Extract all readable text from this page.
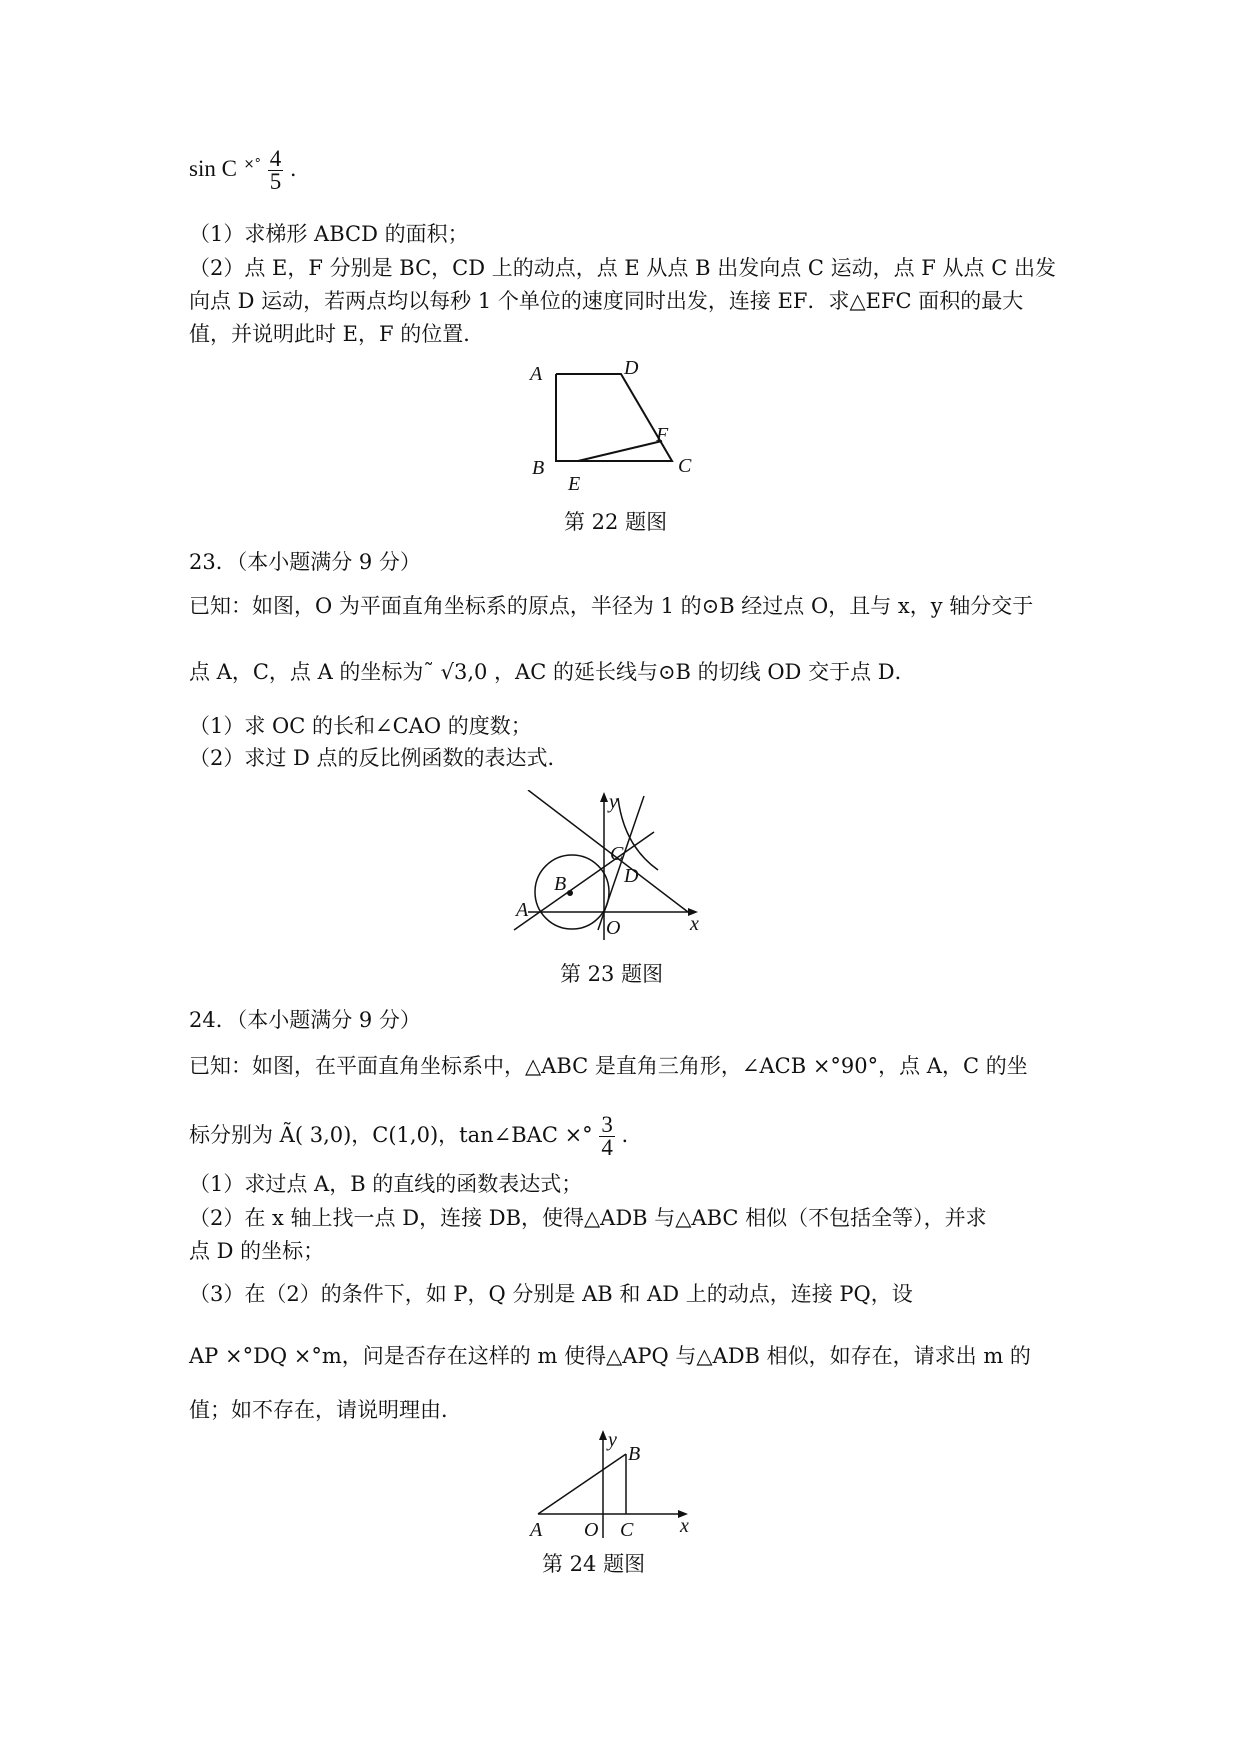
sin C $^{\times^\circ} \frac{4}{5}$ .
（1）求梯形 ABCD 的面积；
（2）点 E，F 分别是 BC，CD 上的动点，点 E 从点 B 出发向点 C 运动，点 F 从点 C 出发
向点 D 运动，若两点均以每秒 1 个单位的速度同时出发，连接 EF．求△EFC 面积的最大
值，并说明此时 E，F 的位置．
A	D
F
B	C
E
第 22 题图
23．（本小题满分 9 分）
已知：如图，O 为平面直角坐标系的原点，半径为 1 的⊙B 经过点 O，且与 x，y 轴分交于
点 A，C，点 A 的坐标为˜ √3,0 ，AC 的延长线与⊙B 的切线 OD 交于点 D．
（1）求 OC 的长和∠CAO 的度数；
（2）求过 D 点的反比例函数的表达式．
y
C
D
B
A
O	x
第 23 题图
24．（本小题满分 9 分）
已知：如图，在平面直角坐标系中，△ABC 是直角三角形，∠ACB ×°90°，点 A，C 的坐
标分别为 Ã( 3,0)，C(1,0)，tan∠BAC ×° $\frac{3}{4}$ .
（1）求过点 A，B 的直线的函数表达式；
（2）在 x 轴上找一点 D，连接 DB，使得△ADB 与△ABC 相似（不包括全等），并求
点 D 的坐标；
（3）在（2）的条件下，如 P，Q 分别是 AB 和 AD 上的动点，连接 PQ，设
AP ×°DQ ×°m，问是否存在这样的 m 使得△APQ 与△ADB 相似，如存在，请求出 m 的
值；如不存在，请说明理由．
y
B
A O C x
第 24 题图
